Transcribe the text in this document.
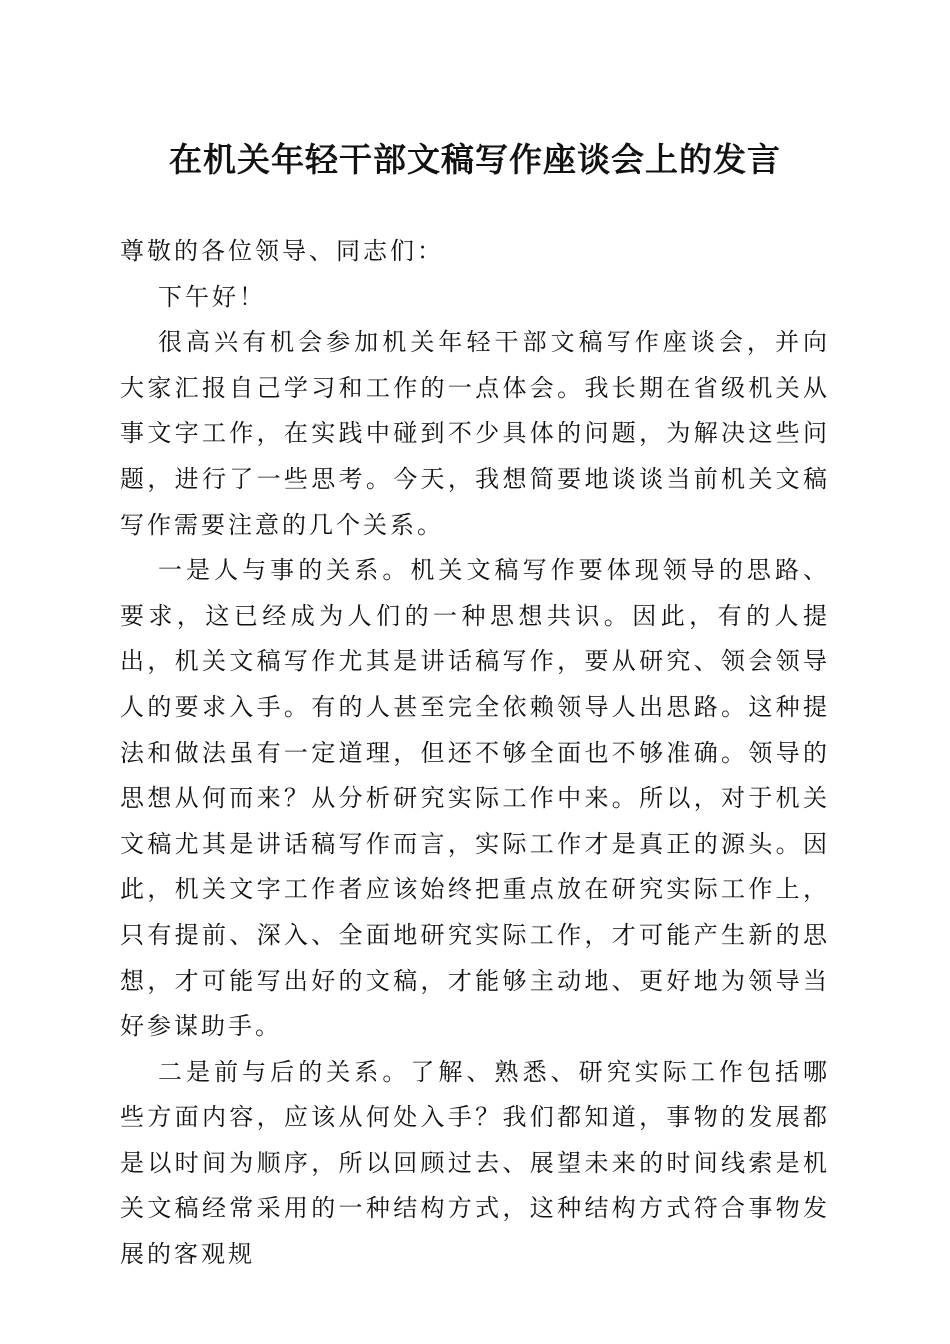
在机关年轻干部文稿写作座谈会上的发言

尊敬的各位领导、同志们：

下午好！

很高兴有机会参加机关年轻干部文稿写作座谈会，并向大家汇报自己学习和工作的一点体会。我长期在省级机关从事文字工作，在实践中碰到不少具体的问题，为解决这些问题，进行了一些思考。今天，我想简要地谈谈当前机关文稿写作需要注意的几个关系。

一是人与事的关系。机关文稿写作要体现领导的思路、要求，这已经成为人们的一种思想共识。因此，有的人提出，机关文稿写作尤其是讲话稿写作，要从研究、领会领导人的要求入手。有的人甚至完全依赖领导人出思路。这种提法和做法虽有一定道理，但还不够全面也不够准确。领导的思想从何而来？从分析研究实际工作中来。所以，对于机关文稿尤其是讲话稿写作而言，实际工作才是真正的源头。因此，机关文字工作者应该始终把重点放在研究实际工作上，只有提前、深入、全面地研究实际工作，才可能产生新的思想，才可能写出好的文稿，才能够主动地、更好地为领导当好参谋助手。

二是前与后的关系。了解、熟悉、研究实际工作包括哪些方面内容，应该从何处入手？我们都知道，事物的发展都是以时间为顺序，所以回顾过去、展望未来的时间线索是机关文稿经常采用的一种结构方式，这种结构方式符合事物发展的客观规
